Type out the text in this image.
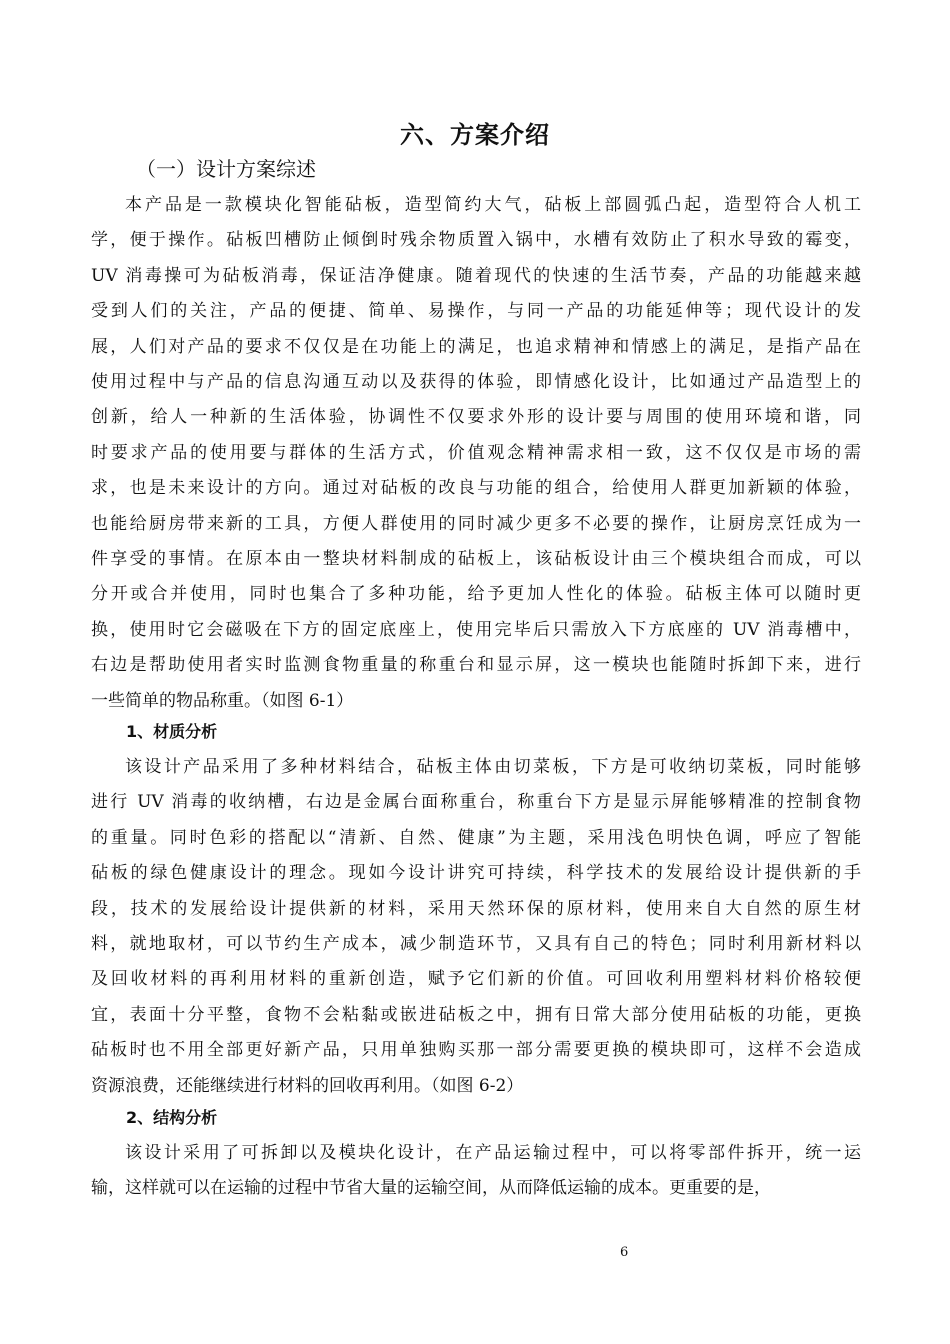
六、方案介绍
（一）设计方案综述

本产品是一款模块化智能砧板，造型简约大气，砧板上部圆弧凸起，造型符合人机工
学，便于操作。砧板凹槽防止倾倒时残余物质置入锅中，水槽有效防止了积水导致的霉变，
UV 消毒操可为砧板消毒，保证洁净健康。随着现代的快速的生活节奏，产品的功能越来越
受到人们的关注，产品的便捷、简单、易操作，与同一产品的功能延伸等；现代设计的发
展，人们对产品的要求不仅仅是在功能上的满足，也追求精神和情感上的满足，是指产品在
使用过程中与产品的信息沟通互动以及获得的体验，即情感化设计，比如通过产品造型上的
创新，给人一种新的生活体验，协调性不仅要求外形的设计要与周围的使用环境和谐，同
时要求产品的使用要与群体的生活方式，价值观念精神需求相一致，这不仅仅是市场的需
求，也是未来设计的方向。通过对砧板的改良与功能的组合，给使用人群更加新颖的体验，
也能给厨房带来新的工具，方便人群使用的同时减少更多不必要的操作，让厨房烹饪成为一
件享受的事情。在原本由一整块材料制成的砧板上，该砧板设计由三个模块组合而成，可以
分开或合并使用，同时也集合了多种功能，给予更加人性化的体验。砧板主体可以随时更
换，使用时它会磁吸在下方的固定底座上，使用完毕后只需放入下方底座的 UV 消毒槽中，
右边是帮助使用者实时监测食物重量的称重台和显示屏，这一模块也能随时拆卸下来，进行
一些简单的物品称重。（如图 6-1）

1、材质分析

该设计产品采用了多种材料结合，砧板主体由切菜板，下方是可收纳切菜板，同时能够
进行 UV 消毒的收纳槽，右边是金属台面称重台，称重台下方是显示屏能够精准的控制食物
的重量。同时色彩的搭配以“清新、自然、健康”为主题，采用浅色明快色调，呼应了智能
砧板的绿色健康设计的理念。现如今设计讲究可持续，科学技术的发展给设计提供新的手
段，技术的发展给设计提供新的材料，采用天然环保的原材料，使用来自大自然的原生材
料，就地取材，可以节约生产成本，减少制造环节，又具有自己的特色；同时利用新材料以
及回收材料的再利用材料的重新创造，赋予它们新的价值。可回收利用塑料材料价格较便
宜，表面十分平整，食物不会粘黏或嵌进砧板之中，拥有日常大部分使用砧板的功能，更换
砧板时也不用全部更好新产品，只用单独购买那一部分需要更换的模块即可，这样不会造成
资源浪费，还能继续进行材料的回收再利用。（如图 6-2）

2、结构分析

该设计采用了可拆卸以及模块化设计，在产品运输过程中，可以将零部件拆开，统一运
输，这样就可以在运输的过程中节省大量的运输空间，从而降低运输的成本。更重要的是，

6
